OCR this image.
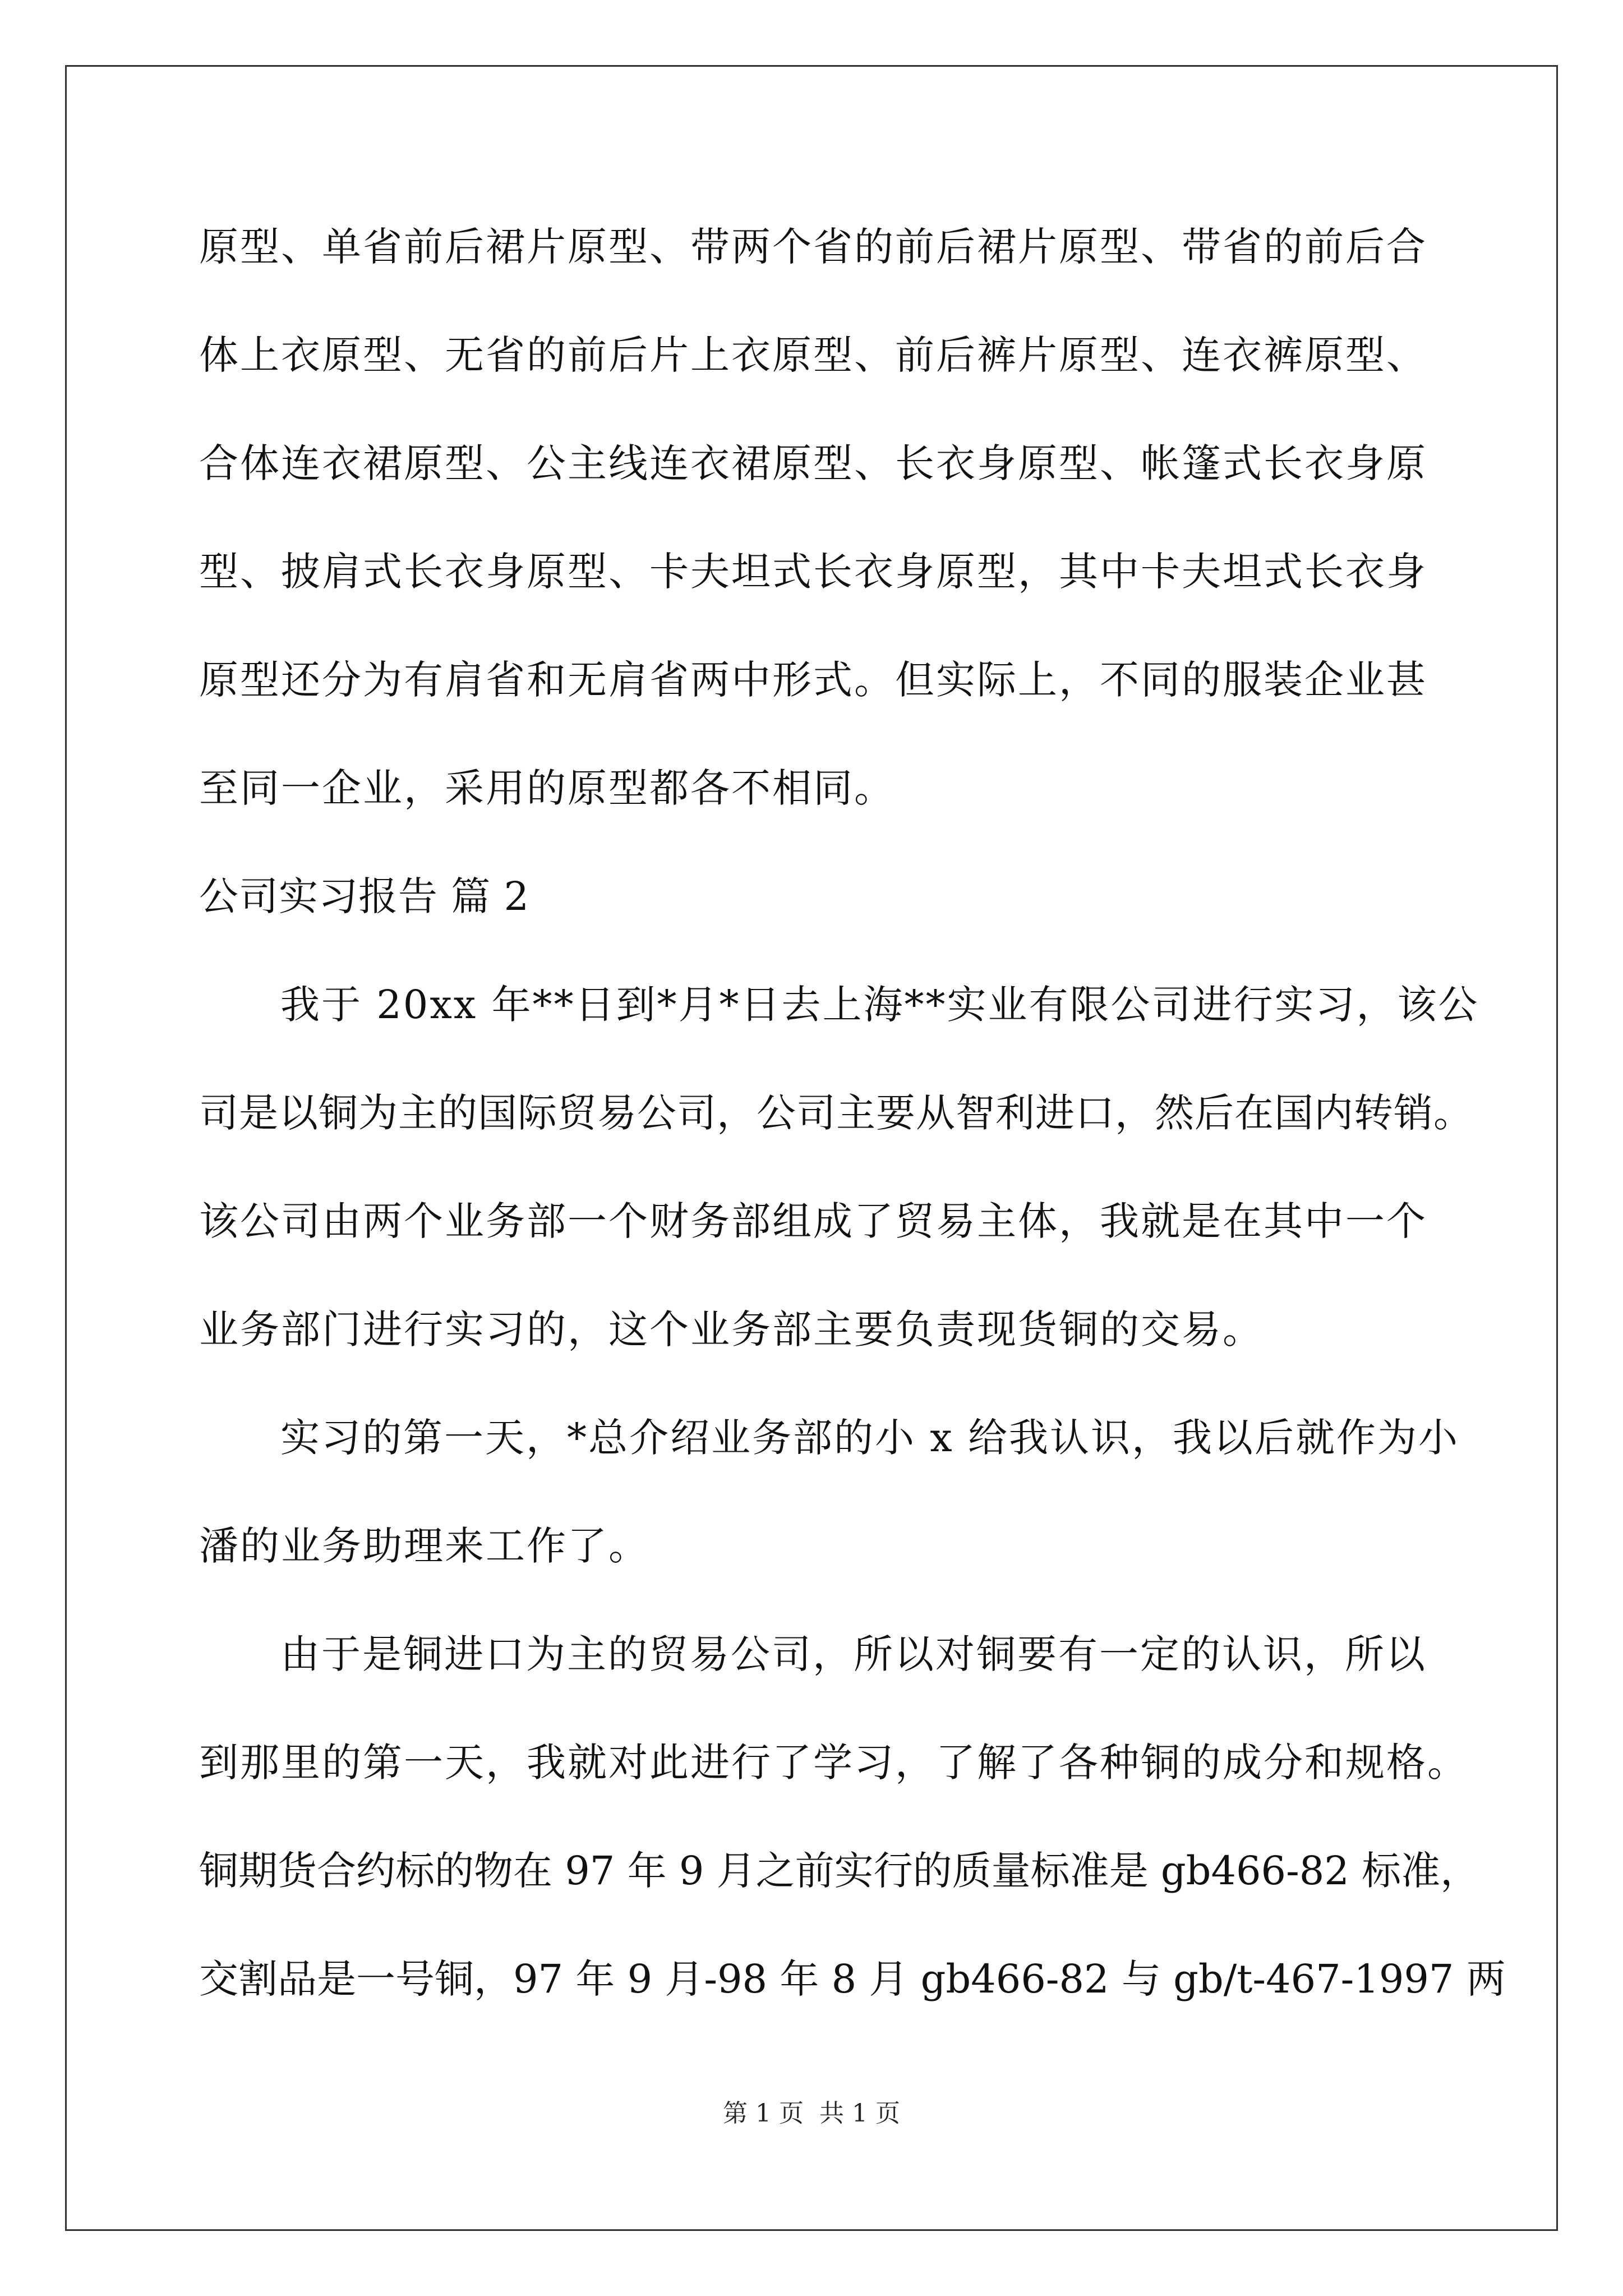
原型、单省前后裙片原型、带两个省的前后裙片原型、带省的前后合
体上衣原型、无省的前后片上衣原型、前后裤片原型、连衣裤原型、
合体连衣裙原型、公主线连衣裙原型、长衣身原型、帐篷式长衣身原
型、披肩式长衣身原型、卡夫坦式长衣身原型，其中卡夫坦式长衣身
原型还分为有肩省和无肩省两中形式。但实际上，不同的服装企业甚
至同一企业，采用的原型都各不相同。
公司实习报告 篇 2
我于 20xx 年**日到*月*日去上海**实业有限公司进行实习，该公
司是以铜为主的国际贸易公司，公司主要从智利进口，然后在国内转销。
该公司由两个业务部一个财务部组成了贸易主体，我就是在其中一个
业务部门进行实习的，这个业务部主要负责现货铜的交易。
实习的第一天，*总介绍业务部的小 x 给我认识，我以后就作为小
潘的业务助理来工作了。
由于是铜进口为主的贸易公司，所以对铜要有一定的认识，所以
到那里的第一天，我就对此进行了学习，了解了各种铜的成分和规格。
铜期货合约标的物在 97 年 9 月之前实行的质量标准是 gb466-82 标准，
交割品是一号铜，97 年 9 月-98 年 8 月 gb466-82 与 gb/t-467-1997 两
第 1 页 共 1 页
